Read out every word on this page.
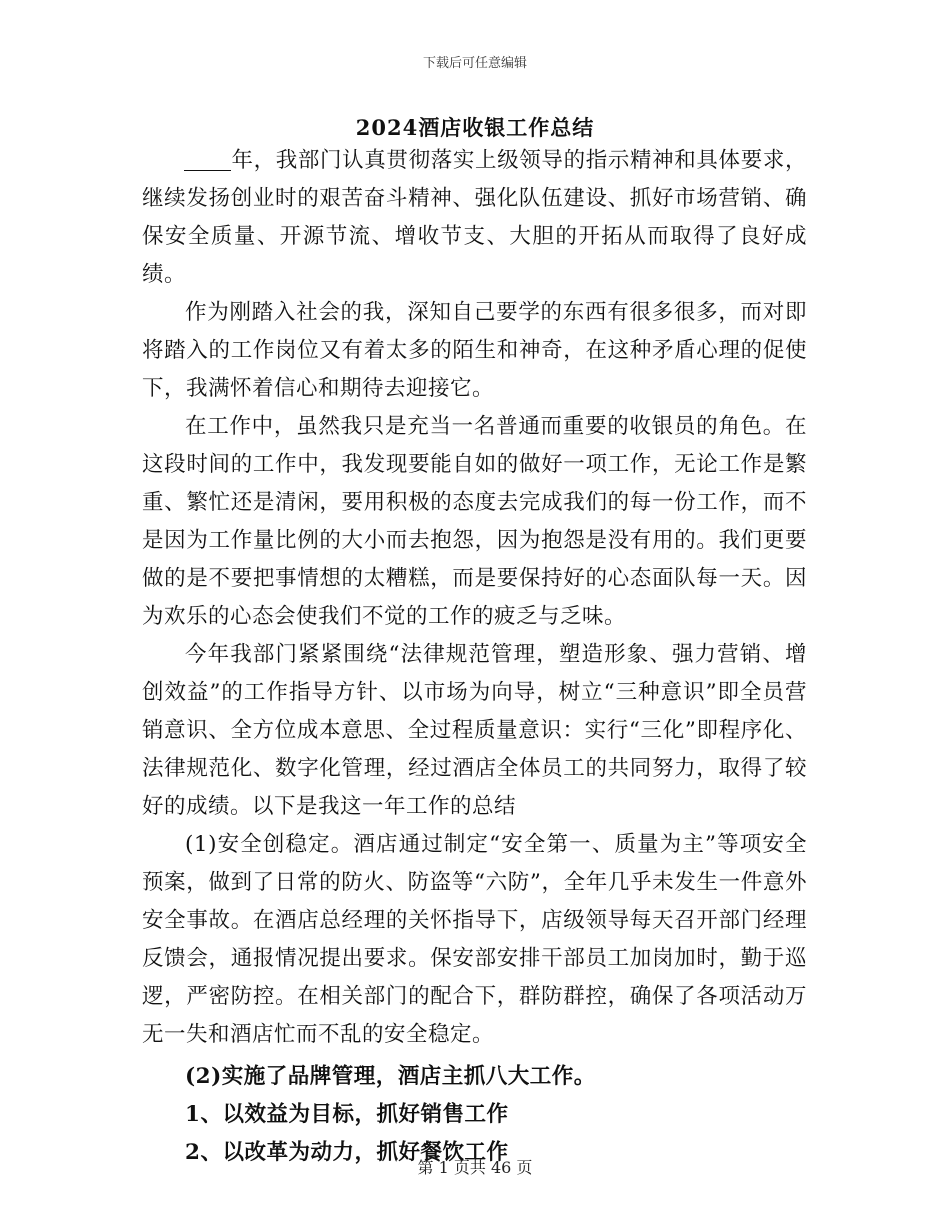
下载后可任意编辑
2024酒店收银工作总结

年，我部门认真贯彻落实上级领导的指示精神和具体要求，继续发扬创业时的艰苦奋斗精神、强化队伍建设、抓好市场营销、确保安全质量、开源节流、增收节支、大胆的开拓从而取得了良好成绩。

作为刚踏入社会的我，深知自己要学的东西有很多很多，而对即将踏入的工作岗位又有着太多的陌生和神奇，在这种矛盾心理的促使下，我满怀着信心和期待去迎接它。

在工作中，虽然我只是充当一名普通而重要的收银员的角色。在这段时间的工作中，我发现要能自如的做好一项工作，无论工作是繁重、繁忙还是清闲，要用积极的态度去完成我们的每一份工作，而不是因为工作量比例的大小而去抱怨，因为抱怨是没有用的。我们更要做的是不要把事情想的太糟糕，而是要保持好的心态面队每一天。因为欢乐的心态会使我们不觉的工作的疲乏与乏味。

今年我部门紧紧围绕“法律规范管理，塑造形象、强力营销、增创效益”的工作指导方针、以市场为向导，树立“三种意识”即全员营销意识、全方位成本意思、全过程质量意识：实行“三化”即程序化、法律规范化、数字化管理，经过酒店全体员工的共同努力，取得了较好的成绩。以下是我这一年工作的总结

(1)安全创稳定。酒店通过制定“安全第一、质量为主”等项安全预案，做到了日常的防火、防盗等“六防”，全年几乎未发生一件意外安全事故。在酒店总经理的关怀指导下，店级领导每天召开部门经理反馈会，通报情况提出要求。保安部安排干部员工加岗加时，勤于巡逻，严密防控。在相关部门的配合下，群防群控，确保了各项活动万无一失和酒店忙而不乱的安全稳定。

(2)实施了品牌管理，酒店主抓八大工作。

1、以效益为目标，抓好销售工作

2、以改革为动力，抓好餐饮工作

第 1 页共 46 页
